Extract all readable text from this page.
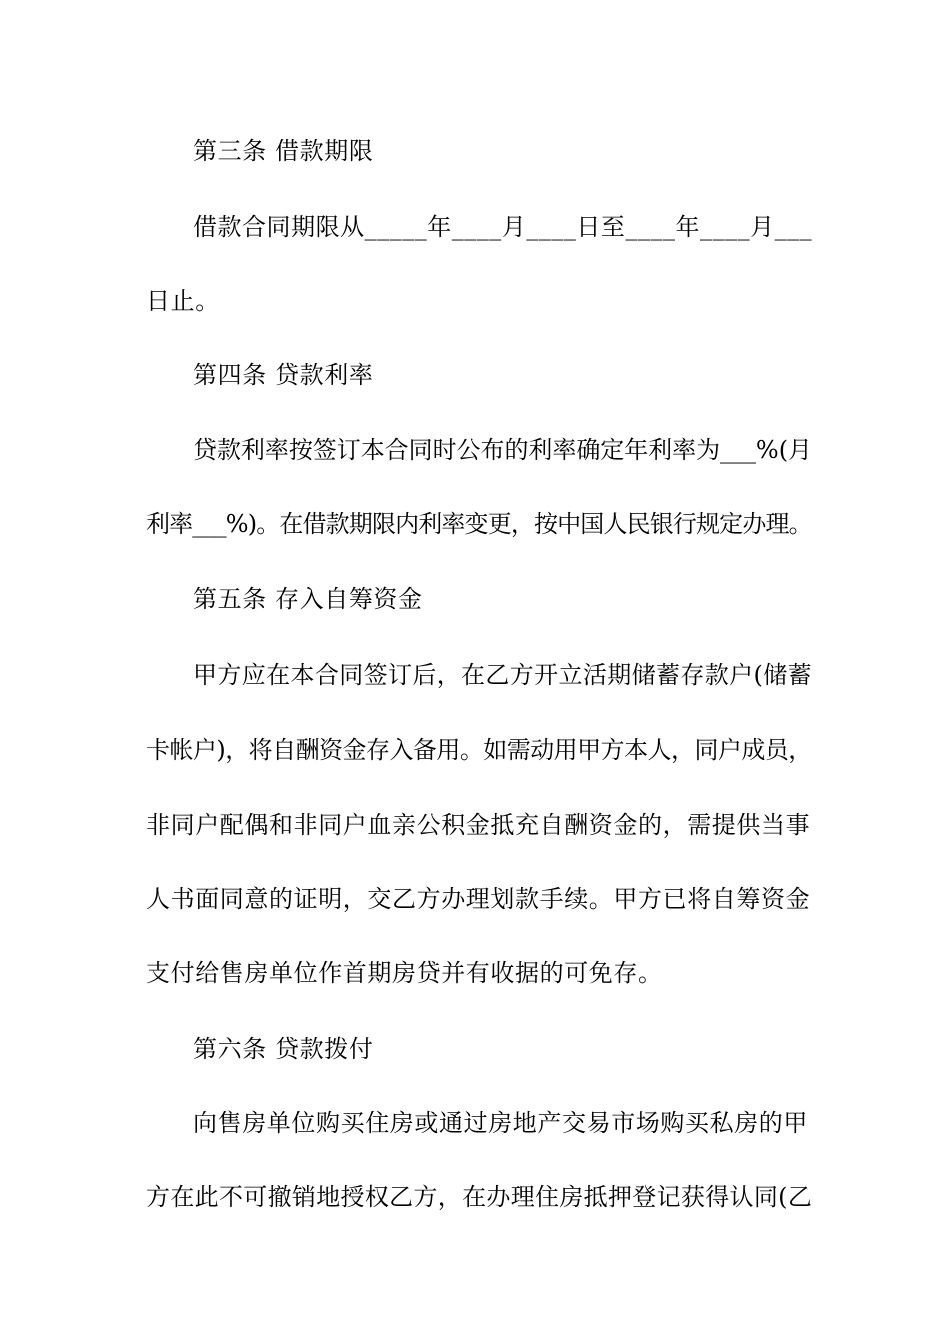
第三条 借款期限
借款合同期限从_____年____月____日至____年____月___
日止。
第四条 贷款利率
贷款利率按签订本合同时公布的利率确定年利率为___%(月
利率___%)。在借款期限内利率变更，按中国人民银行规定办理。
第五条 存入自筹资金
甲方应在本合同签订后，在乙方开立活期储蓄存款户(储蓄
卡帐户)，将自酬资金存入备用。如需动用甲方本人，同户成员，
非同户配偶和非同户血亲公积金抵充自酬资金的，需提供当事
人书面同意的证明，交乙方办理划款手续。甲方已将自筹资金
支付给售房单位作首期房贷并有收据的可免存。
第六条 贷款拨付
向售房单位购买住房或通过房地产交易市场购买私房的甲
方在此不可撤销地授权乙方，在办理住房抵押登记获得认同(乙
